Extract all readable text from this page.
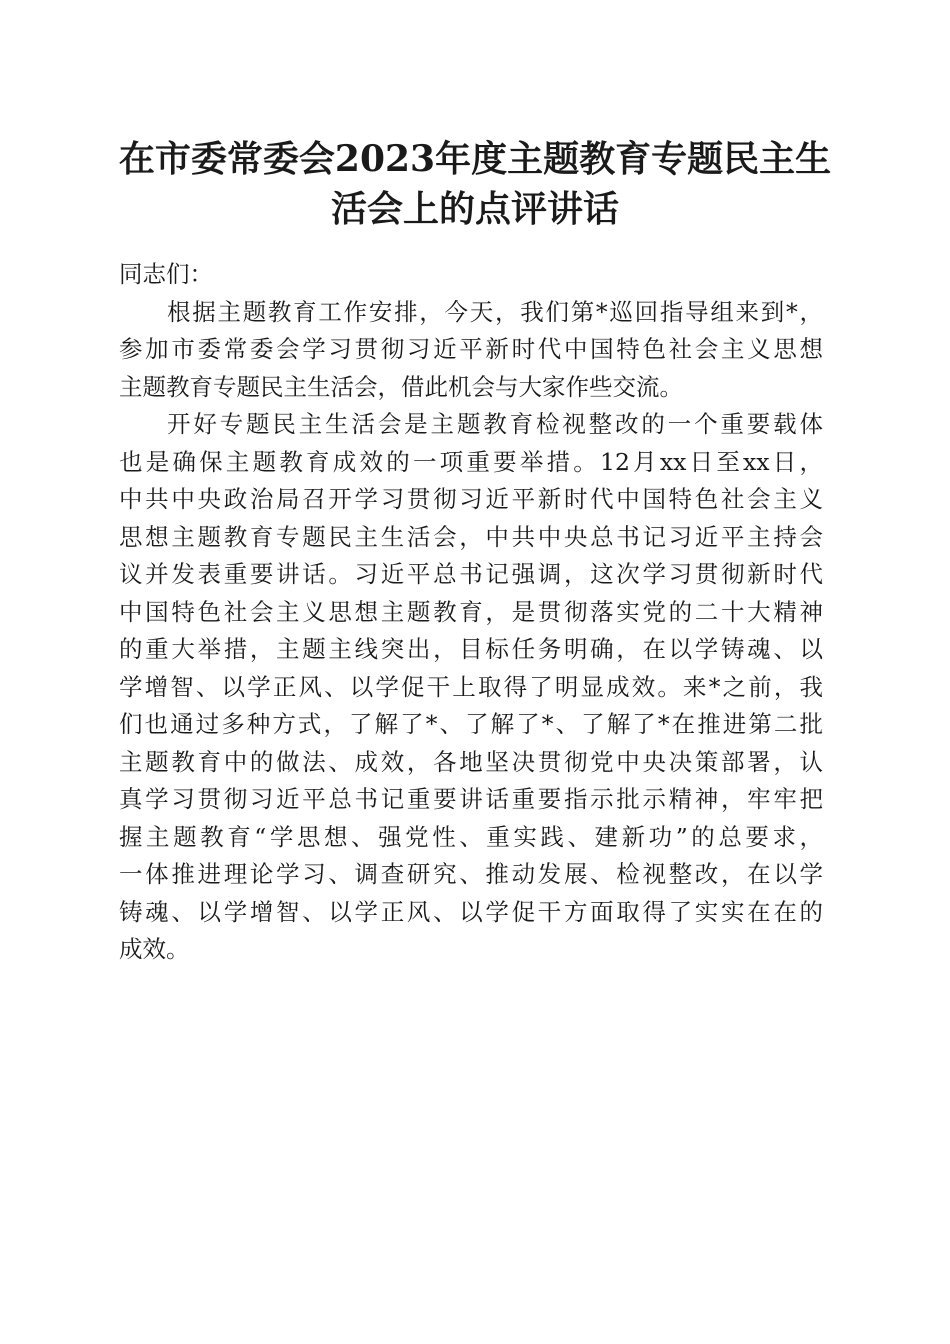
在市委常委会2023年度主题教育专题民主生
活会上的点评讲话
同志们：
根据主题教育工作安排，今天，我们第*巡回指导组来到*，
参加市委常委会学习贯彻习近平新时代中国特色社会主义思想
主题教育专题民主生活会，借此机会与大家作些交流。
开好专题民主生活会是主题教育检视整改的一个重要载体
也是确保主题教育成效的一项重要举措。12月xx日至xx日，
中共中央政治局召开学习贯彻习近平新时代中国特色社会主义
思想主题教育专题民主生活会，中共中央总书记习近平主持会
议并发表重要讲话。习近平总书记强调，这次学习贯彻新时代
中国特色社会主义思想主题教育，是贯彻落实党的二十大精神
的重大举措，主题主线突出，目标任务明确，在以学铸魂、以
学增智、以学正风、以学促干上取得了明显成效。来*之前，我
们也通过多种方式，了解了*、了解了*、了解了*在推进第二批
主题教育中的做法、成效，各地坚决贯彻党中央决策部署，认
真学习贯彻习近平总书记重要讲话重要指示批示精神，牢牢把
握主题教育“学思想、强党性、重实践、建新功”的总要求，
一体推进理论学习、调查研究、推动发展、检视整改，在以学
铸魂、以学增智、以学正风、以学促干方面取得了实实在在的
成效。
